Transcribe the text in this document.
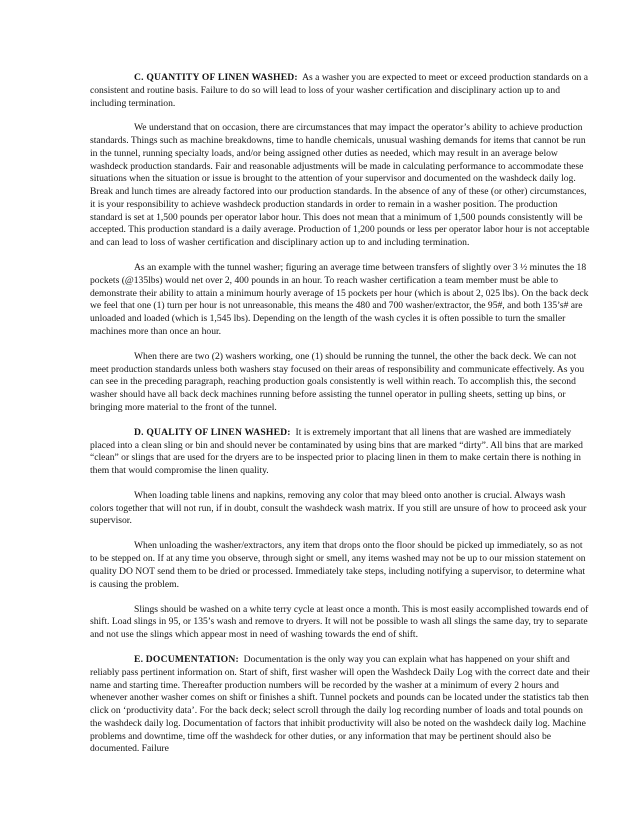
C. QUANTITY OF LINEN WASHED: As a washer you are expected to meet or exceed production standards on a consistent and routine basis. Failure to do so will lead to loss of your washer certification and disciplinary action up to and including termination.

We understand that on occasion, there are circumstances that may impact the operator’s ability to achieve production standards. Things such as machine breakdowns, time to handle chemicals, unusual washing demands for items that cannot be run in the tunnel, running specialty loads, and/or being assigned other duties as needed, which may result in an average below washdeck production standards. Fair and reasonable adjustments will be made in calculating performance to accommodate these situations when the situation or issue is brought to the attention of your supervisor and documented on the washdeck daily log. Break and lunch times are already factored into our production standards. In the absence of any of these (or other) circumstances, it is your responsibility to achieve washdeck production standards in order to remain in a washer position. The production standard is set at 1,500 pounds per operator labor hour. This does not mean that a minimum of 1,500 pounds consistently will be accepted. This production standard is a daily average. Production of 1,200 pounds or less per operator labor hour is not acceptable and can lead to loss of washer certification and disciplinary action up to and including termination.

As an example with the tunnel washer; figuring an average time between transfers of slightly over 3 ½ minutes the 18 pockets (@135lbs) would net over 2, 400 pounds in an hour. To reach washer certification a team member must be able to demonstrate their ability to attain a minimum hourly average of 15 pockets per hour (which is about 2, 025 lbs). On the back deck we feel that one (1) turn per hour is not unreasonable, this means the 480 and 700 washer/extractor, the 95#, and both 135’s# are unloaded and loaded (which is 1,545 lbs). Depending on the length of the wash cycles it is often possible to turn the smaller machines more than once an hour.

When there are two (2) washers working, one (1) should be running the tunnel, the other the back deck. We can not meet production standards unless both washers stay focused on their areas of responsibility and communicate effectively. As you can see in the preceding paragraph, reaching production goals consistently is well within reach. To accomplish this, the second washer should have all back deck machines running before assisting the tunnel operator in pulling sheets, setting up bins, or bringing more material to the front of the tunnel.

D. QUALITY OF LINEN WASHED: It is extremely important that all linens that are washed are immediately placed into a clean sling or bin and should never be contaminated by using bins that are marked “dirty”. All bins that are marked “clean” or slings that are used for the dryers are to be inspected prior to placing linen in them to make certain there is nothing in them that would compromise the linen quality.

When loading table linens and napkins, removing any color that may bleed onto another is crucial. Always wash colors together that will not run, if in doubt, consult the washdeck wash matrix. If you still are unsure of how to proceed ask your supervisor.

When unloading the washer/extractors, any item that drops onto the floor should be picked up immediately, so as not to be stepped on. If at any time you observe, through sight or smell, any items washed may not be up to our mission statement on quality DO NOT send them to be dried or processed. Immediately take steps, including notifying a supervisor, to determine what is causing the problem.

Slings should be washed on a white terry cycle at least once a month. This is most easily accomplished towards end of shift. Load slings in 95, or 135’s wash and remove to dryers. It will not be possible to wash all slings the same day, try to separate and not use the slings which appear most in need of washing towards the end of shift.

E. DOCUMENTATION: Documentation is the only way you can explain what has happened on your shift and reliably pass pertinent information on. Start of shift, first washer will open the Washdeck Daily Log with the correct date and their name and starting time. Thereafter production numbers will be recorded by the washer at a minimum of every 2 hours and whenever another washer comes on shift or finishes a shift. Tunnel pockets and pounds can be located under the statistics tab then click on ‘productivity data’. For the back deck; select scroll through the daily log recording number of loads and total pounds on the washdeck daily log. Documentation of factors that inhibit productivity will also be noted on the washdeck daily log. Machine problems and downtime, time off the washdeck for other duties, or any information that may be pertinent should also be documented. Failure
